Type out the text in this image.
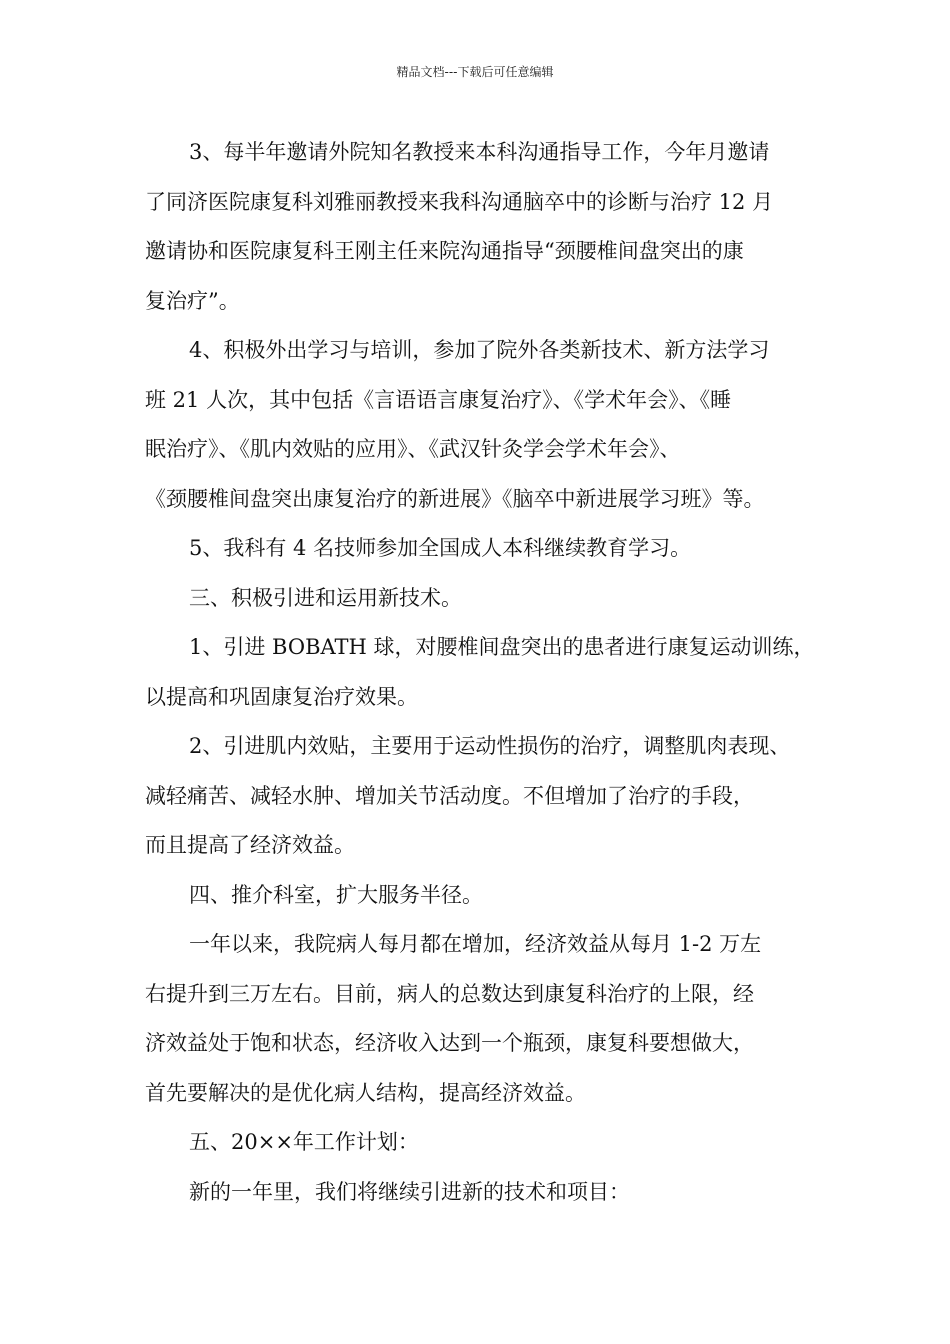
精品文档---下载后可任意编辑
3、每半年邀请外院知名教授来本科沟通指导工作，今年月邀请
了同济医院康复科刘雅丽教授来我科沟通脑卒中的诊断与治疗 12 月
邀请协和医院康复科王刚主任来院沟通指导“颈腰椎间盘突出的康
复治疗”。
4、积极外出学习与培训，参加了院外各类新技术、新方法学习
班 21 人次，其中包括《言语语言康复治疗》、《学术年会》、《睡
眠治疗》、《肌内效贴的应用》、《武汉针灸学会学术年会》、
《颈腰椎间盘突出康复治疗的新进展》《脑卒中新进展学习班》等。
5、我科有 4 名技师参加全国成人本科继续教育学习。
三、积极引进和运用新技术。
1、引进 BOBATH 球，对腰椎间盘突出的患者进行康复运动训练，
以提高和巩固康复治疗效果。
2、引进肌内效贴，主要用于运动性损伤的治疗，调整肌肉表现、
减轻痛苦、减轻水肿、增加关节活动度。不但增加了治疗的手段，
而且提高了经济效益。
四、推介科室，扩大服务半径。
一年以来，我院病人每月都在增加，经济效益从每月 1-2 万左
右提升到三万左右。目前，病人的总数达到康复科治疗的上限，经
济效益处于饱和状态，经济收入达到一个瓶颈，康复科要想做大，
首先要解决的是优化病人结构，提高经济效益。
五、20××年工作计划：
新的一年里，我们将继续引进新的技术和项目：
